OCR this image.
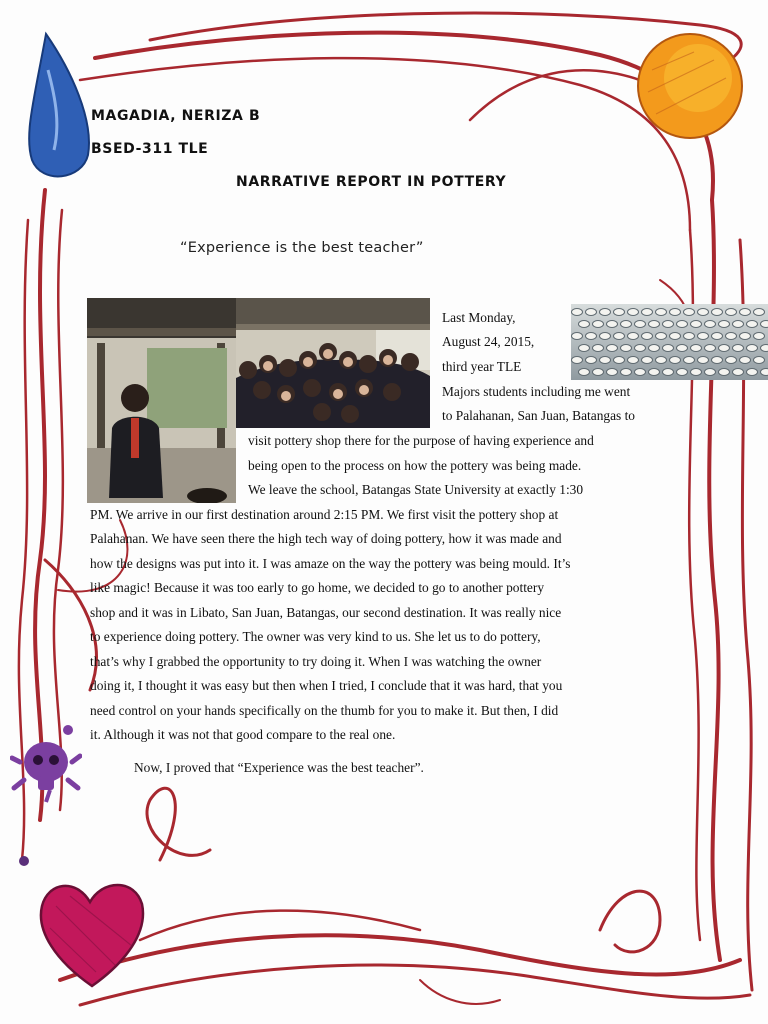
MAGADIA, NERIZA B
BSED-311 TLE
NARRATIVE REPORT IN POTTERY
“Experience is the best teacher”
Last Monday,
August 24, 2015,
third year TLE
Majors students including me went
to Palahanan, San Juan, Batangas to
visit pottery shop there for the purpose of having experience and
being open to the process on how the pottery was being made.
We leave the school, Batangas State University at exactly 1:30
PM. We arrive in our first destination around 2:15 PM. We first visit the pottery shop at
Palahanan. We have seen there the high tech way of doing pottery, how it was made and
how the designs was put into it. I was amaze on the way the pottery was being mould. It’s
like magic! Because it was too early to go home, we decided to go to another pottery
shop and it was in Libato, San Juan, Batangas, our second destination. It was really nice
to experience doing pottery. The owner was very kind to us. She let us to do pottery,
that’s why I grabbed the opportunity to try doing it. When I was watching the owner
doing it, I thought it was easy but then when I tried, I conclude that it was hard, that you
need control on your hands specifically on the thumb for you to make it. But then, I did
it. Although it was not that good compare to the real one.
Now, I proved that “Experience was the best teacher”.
